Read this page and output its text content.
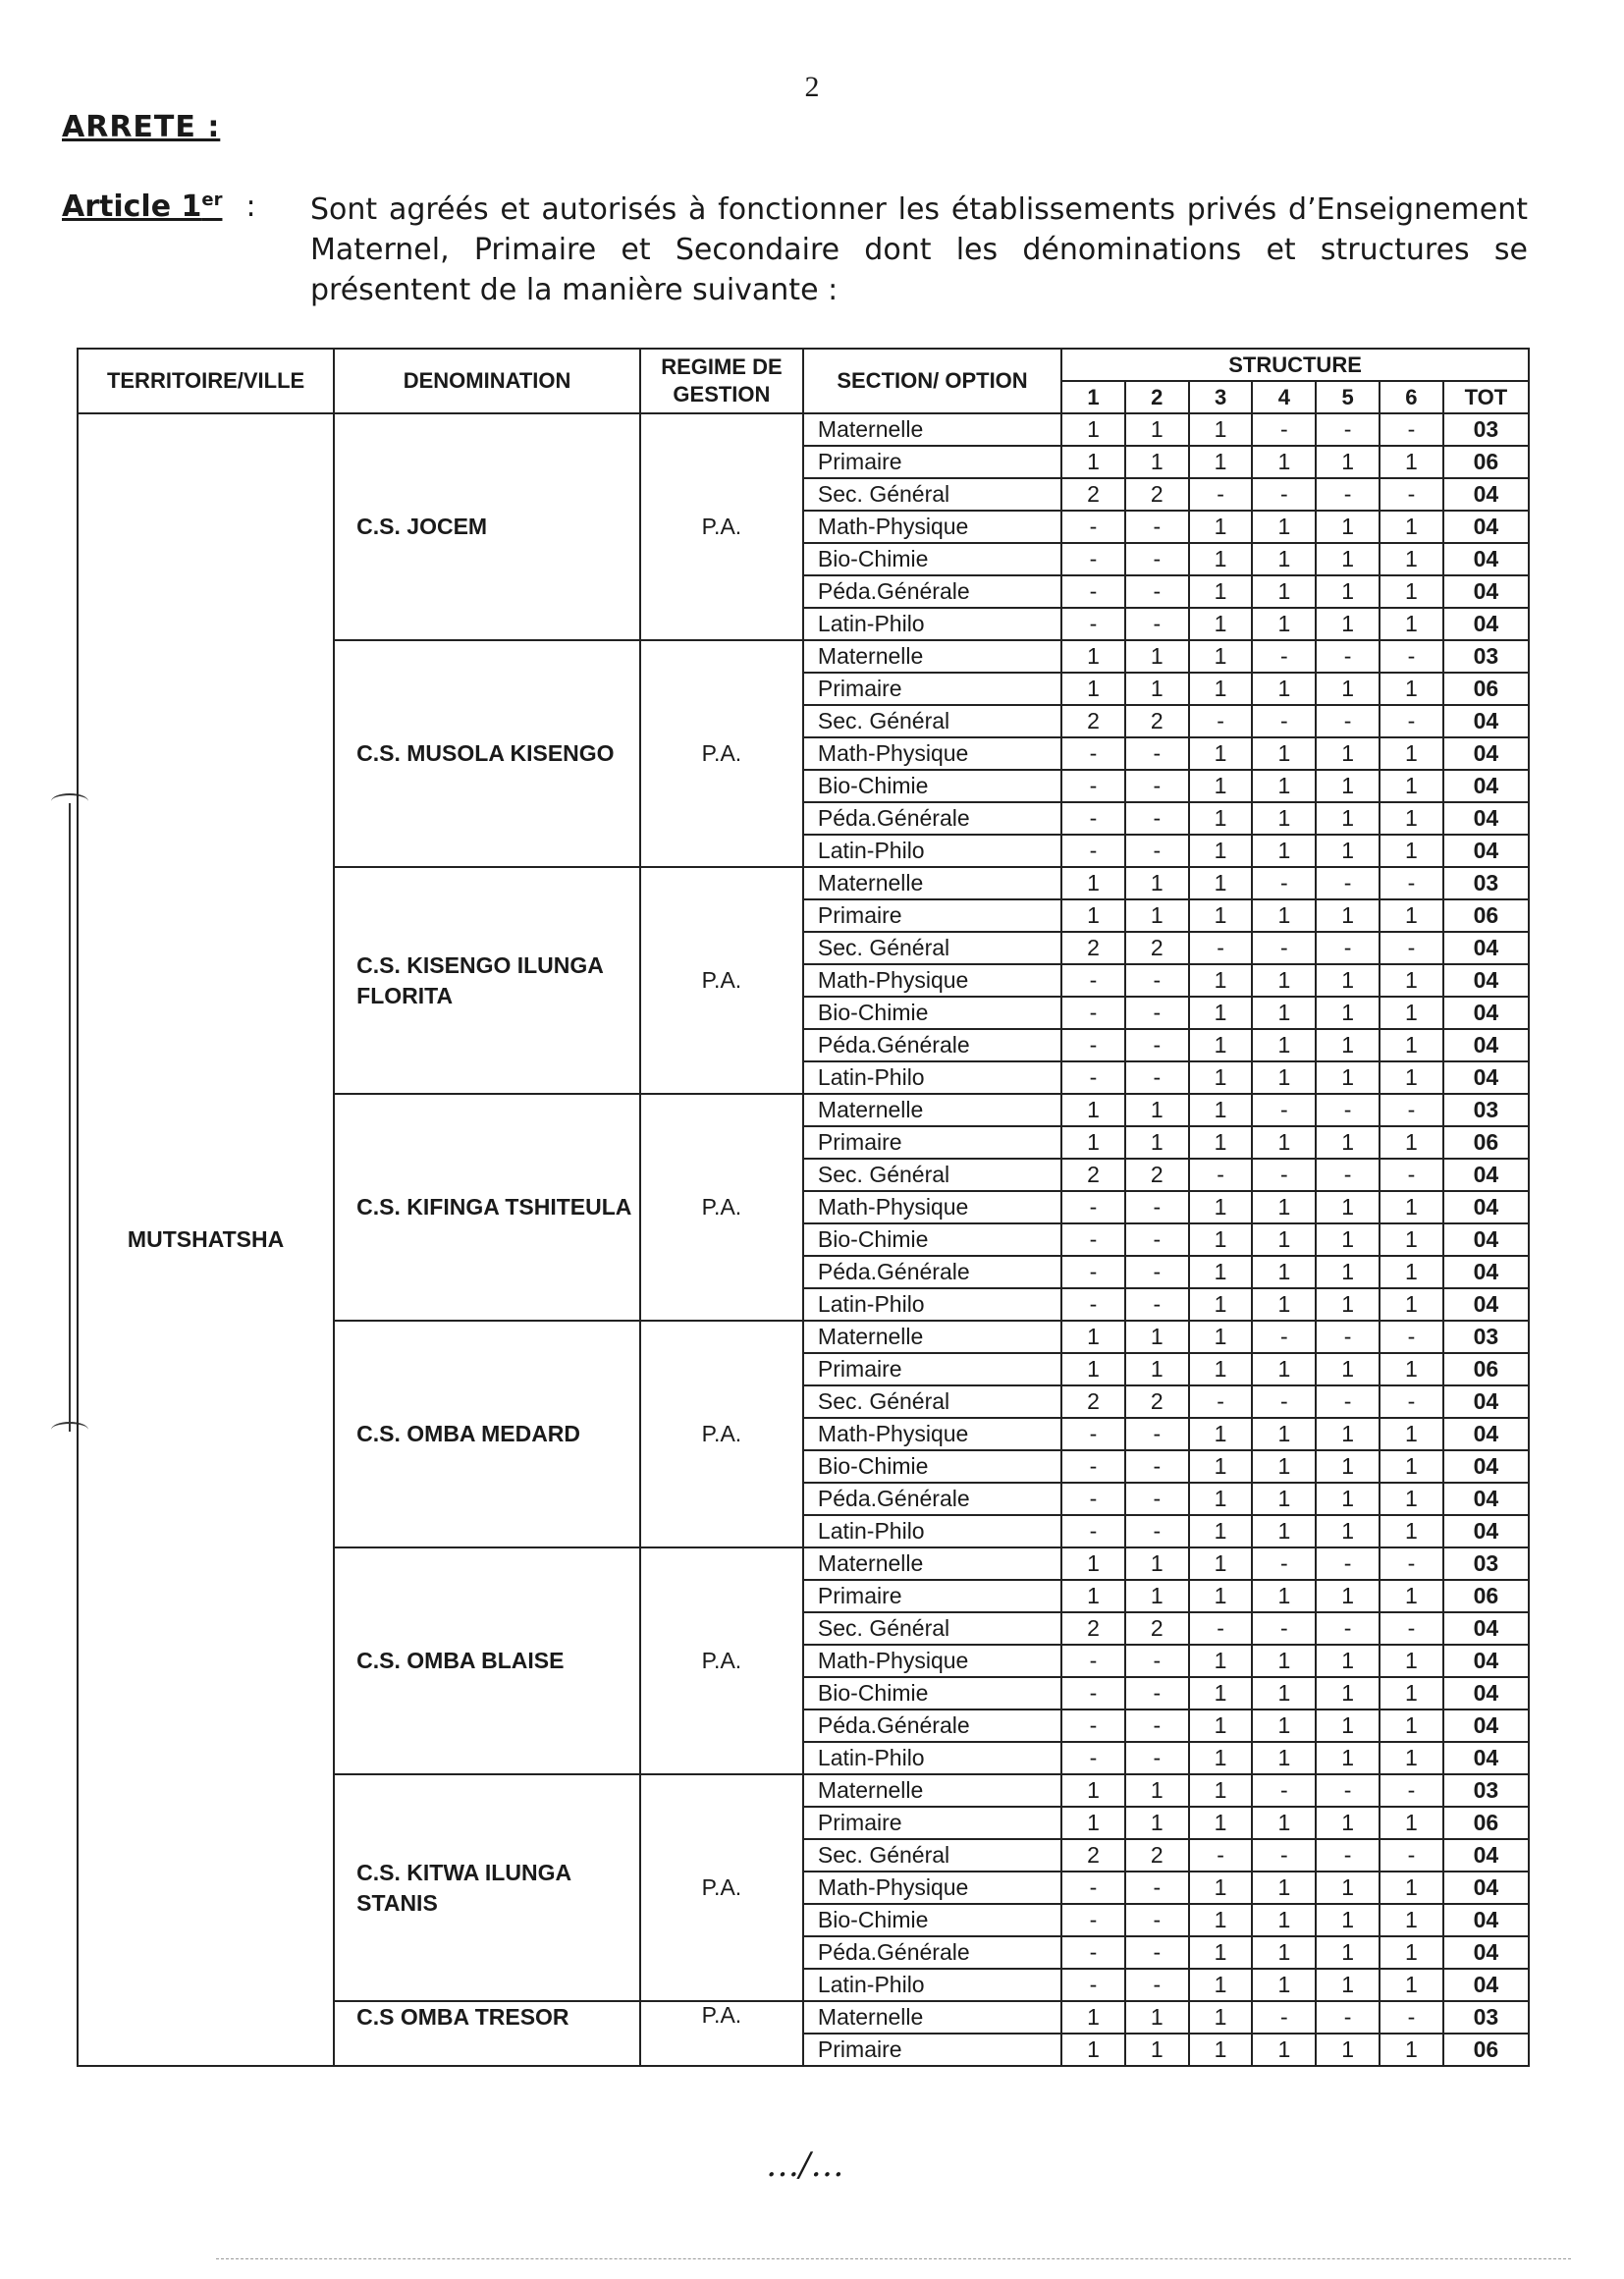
2
ARRETE :
Article 1er : Sont agréés et autorisés à fonctionner les établissements privés d’Enseignement Maternel, Primaire et Secondaire dont les dénominations et structures se présentent de la manière suivante :
TERRITOIRE/VILLE	DENOMINATION	REGIME DE GESTION	SECTION/ OPTION	STRUCTURE						
				1	2	3	4	5	6	TOT
MUTSHATSHA	C.S. JOCEM	P.A.	Maternelle	1	1	1	-	-	-	03
			Primaire	1	1	1	1	1	1	06
			Sec. Général	2	2	-	-	-	-	04
			Math-Physique	-	-	1	1	1	1	04
			Bio-Chimie	-	-	1	1	1	1	04
			Péda.Générale	-	-	1	1	1	1	04
			Latin-Philo	-	-	1	1	1	1	04
	C.S. MUSOLA KISENGO	P.A.	Maternelle	1	1	1	-	-	-	03
			Primaire	1	1	1	1	1	1	06
			Sec. Général	2	2	-	-	-	-	04
			Math-Physique	-	-	1	1	1	1	04
			Bio-Chimie	-	-	1	1	1	1	04
			Péda.Générale	-	-	1	1	1	1	04
			Latin-Philo	-	-	1	1	1	1	04
	C.S. KISENGO ILUNGA FLORITA	P.A.	Maternelle	1	1	1	-	-	-	03
			Primaire	1	1	1	1	1	1	06
			Sec. Général	2	2	-	-	-	-	04
			Math-Physique	-	-	1	1	1	1	04
			Bio-Chimie	-	-	1	1	1	1	04
			Péda.Générale	-	-	1	1	1	1	04
			Latin-Philo	-	-	1	1	1	1	04
	C.S. KIFINGA TSHITEULA	P.A.	Maternelle	1	1	1	-	-	-	03
			Primaire	1	1	1	1	1	1	06
			Sec. Général	2	2	-	-	-	-	04
			Math-Physique	-	-	1	1	1	1	04
			Bio-Chimie	-	-	1	1	1	1	04
			Péda.Générale	-	-	1	1	1	1	04
			Latin-Philo	-	-	1	1	1	1	04
	C.S. OMBA MEDARD	P.A.	Maternelle	1	1	1	-	-	-	03
			Primaire	1	1	1	1	1	1	06
			Sec. Général	2	2	-	-	-	-	04
			Math-Physique	-	-	1	1	1	1	04
			Bio-Chimie	-	-	1	1	1	1	04
			Péda.Générale	-	-	1	1	1	1	04
			Latin-Philo	-	-	1	1	1	1	04
	C.S. OMBA BLAISE	P.A.	Maternelle	1	1	1	-	-	-	03
			Primaire	1	1	1	1	1	1	06
			Sec. Général	2	2	-	-	-	-	04
			Math-Physique	-	-	1	1	1	1	04
			Bio-Chimie	-	-	1	1	1	1	04
			Péda.Générale	-	-	1	1	1	1	04
			Latin-Philo	-	-	1	1	1	1	04
	C.S. KITWA ILUNGA STANIS	P.A.	Maternelle	1	1	1	-	-	-	03
			Primaire	1	1	1	1	1	1	06
			Sec. Général	2	2	-	-	-	-	04
			Math-Physique	-	-	1	1	1	1	04
			Bio-Chimie	-	-	1	1	1	1	04
			Péda.Générale	-	-	1	1	1	1	04
			Latin-Philo	-	-	1	1	1	1	04
	C.S OMBA TRESOR	P.A.	Maternelle	1	1	1	-	-	-	03
			Primaire	1	1	1	1	1	1	06
…/…
